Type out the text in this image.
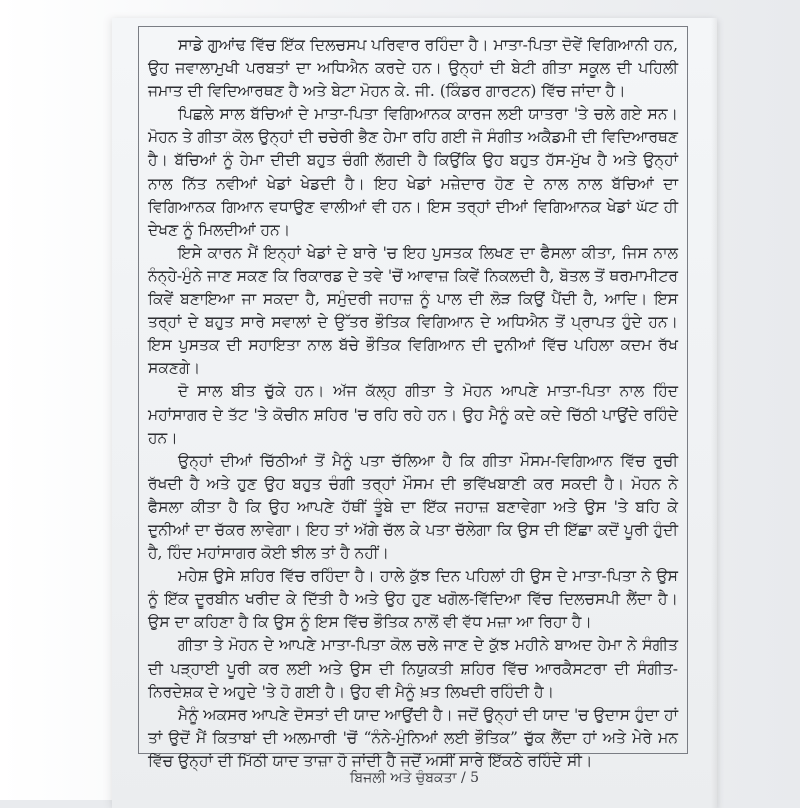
ਸਾਡੇ ਗੁਆਂਢ ਵਿੱਚ ਇੱਕ ਦਿਲਚਸਪ ਪਰਿਵਾਰ ਰਹਿੰਦਾ ਹੈ। ਮਾਤਾ-ਪਿਤਾ ਦੋਵੇਂ ਵਿਗਿਆਨੀ ਹਨ, ਉਹ ਜਵਾਲਾਮੁਖੀ ਪਰਬਤਾਂ ਦਾ ਅਧਿਐਨ ਕਰਦੇ ਹਨ। ਉਨ੍ਹਾਂ ਦੀ ਬੇਟੀ ਗੀਤਾ ਸਕੂਲ ਦੀ ਪਹਿਲੀ ਜਮਾਤ ਦੀ ਵਿਦਿਆਰਥਣ ਹੈ ਅਤੇ ਬੇਟਾ ਮੋਹਨ ਕੇ. ਜੀ. (ਕਿੰਡਰ ਗਾਰਟਨ) ਵਿੱਚ ਜਾਂਦਾ ਹੈ।

ਪਿਛਲੇ ਸਾਲ ਬੱਚਿਆਂ ਦੇ ਮਾਤਾ-ਪਿਤਾ ਵਿਗਿਆਨਕ ਕਾਰਜ ਲਈ ਯਾਤਰਾ 'ਤੇ ਚਲੇ ਗਏ ਸਨ। ਮੋਹਨ ਤੇ ਗੀਤਾ ਕੋਲ ਉਨ੍ਹਾਂ ਦੀ ਚਚੇਰੀ ਭੈਣ ਹੇਮਾ ਰਹਿ ਗਈ ਜੋ ਸੰਗੀਤ ਅਕੈਡਮੀ ਦੀ ਵਿਦਿਆਰਥਣ ਹੈ। ਬੱਚਿਆਂ ਨੂੰ ਹੇਮਾ ਦੀਦੀ ਬਹੁਤ ਚੰਗੀ ਲੱਗਦੀ ਹੈ ਕਿਉਂਕਿ ਉਹ ਬਹੁਤ ਹੱਸ-ਮੁੱਖ ਹੈ ਅਤੇ ਉਨ੍ਹਾਂ ਨਾਲ ਨਿੱਤ ਨਵੀਆਂ ਖੇਡਾਂ ਖੇਡਦੀ ਹੈ। ਇਹ ਖੇਡਾਂ ਮਜ਼ੇਦਾਰ ਹੋਣ ਦੇ ਨਾਲ ਨਾਲ ਬੱਚਿਆਂ ਦਾ ਵਿਗਿਆਨਕ ਗਿਆਨ ਵਧਾਉਣ ਵਾਲੀਆਂ ਵੀ ਹਨ। ਇਸ ਤਰ੍ਹਾਂ ਦੀਆਂ ਵਿਗਿਆਨਕ ਖੇਡਾਂ ਘੱਟ ਹੀ ਦੇਖਣ ਨੂੰ ਮਿਲਦੀਆਂ ਹਨ।

ਇਸੇ ਕਾਰਨ ਮੈਂ ਇਨ੍ਹਾਂ ਖੇਡਾਂ ਦੇ ਬਾਰੇ 'ਚ ਇਹ ਪੁਸਤਕ ਲਿਖਣ ਦਾ ਫੈਸਲਾ ਕੀਤਾ, ਜਿਸ ਨਾਲ ਨੰਨ੍ਹੇ-ਮੁੰਨੇ ਜਾਣ ਸਕਣ ਕਿ ਰਿਕਾਰਡ ਦੇ ਤਵੇ 'ਚੋਂ ਆਵਾਜ਼ ਕਿਵੇਂ ਨਿਕਲਦੀ ਹੈ, ਬੋਤਲ ਤੋਂ ਥਰਮਾਮੀਟਰ ਕਿਵੇਂ ਬਣਾਇਆ ਜਾ ਸਕਦਾ ਹੈ, ਸਮੁੰਦਰੀ ਜਹਾਜ਼ ਨੂੰ ਪਾਲ ਦੀ ਲੋੜ ਕਿਉਂ ਪੈਂਦੀ ਹੈ, ਆਦਿ। ਇਸ ਤਰ੍ਹਾਂ ਦੇ ਬਹੁਤ ਸਾਰੇ ਸਵਾਲਾਂ ਦੇ ਉੱਤਰ ਭੌਤਿਕ ਵਿਗਿਆਨ ਦੇ ਅਧਿਐਨ ਤੋਂ ਪ੍ਰਾਪਤ ਹੁੰਦੇ ਹਨ। ਇਸ ਪੁਸਤਕ ਦੀ ਸਹਾਇਤਾ ਨਾਲ ਬੱਚੇ ਭੌਤਿਕ ਵਿਗਿਆਨ ਦੀ ਦੁਨੀਆਂ ਵਿੱਚ ਪਹਿਲਾ ਕਦਮ ਰੱਖ ਸਕਣਗੇ।

ਦੋ ਸਾਲ ਬੀਤ ਚੁੱਕੇ ਹਨ। ਅੱਜ ਕੱਲ੍ਹ ਗੀਤਾ ਤੇ ਮੋਹਨ ਆਪਣੇ ਮਾਤਾ-ਪਿਤਾ ਨਾਲ ਹਿੰਦ ਮਹਾਂਸਾਗਰ ਦੇ ਤੱਟ 'ਤੇ ਕੋਚੀਨ ਸ਼ਹਿਰ 'ਚ ਰਹਿ ਰਹੇ ਹਨ। ਉਹ ਮੈਨੂੰ ਕਦੇ ਕਦੇ ਚਿੱਠੀ ਪਾਉਂਦੇ ਰਹਿੰਦੇ ਹਨ।

ਉਨ੍ਹਾਂ ਦੀਆਂ ਚਿੱਠੀਆਂ ਤੋਂ ਮੈਨੂੰ ਪਤਾ ਚੱਲਿਆ ਹੈ ਕਿ ਗੀਤਾ ਮੌਸਮ-ਵਿਗਿਆਨ ਵਿੱਚ ਰੁਚੀ ਰੱਖਦੀ ਹੈ ਅਤੇ ਹੁਣ ਉਹ ਬਹੁਤ ਚੰਗੀ ਤਰ੍ਹਾਂ ਮੌਸਮ ਦੀ ਭਵਿੱਖਬਾਣੀ ਕਰ ਸਕਦੀ ਹੈ। ਮੋਹਨ ਨੇ ਫੈਸਲਾ ਕੀਤਾ ਹੈ ਕਿ ਉਹ ਆਪਣੇ ਹੱਥੀਂ ਤੂੰਬੇ ਦਾ ਇੱਕ ਜਹਾਜ਼ ਬਣਾਵੇਗਾ ਅਤੇ ਉਸ 'ਤੇ ਬਹਿ ਕੇ ਦੁਨੀਆਂ ਦਾ ਚੱਕਰ ਲਾਵੇਗਾ। ਇਹ ਤਾਂ ਅੱਗੇ ਚੱਲ ਕੇ ਪਤਾ ਚੱਲੇਗਾ ਕਿ ਉਸ ਦੀ ਇੱਛਾ ਕਦੋਂ ਪੂਰੀ ਹੁੰਦੀ ਹੈ, ਹਿੰਦ ਮਹਾਂਸਾਗਰ ਕੋਈ ਝੀਲ ਤਾਂ ਹੈ ਨਹੀਂ।

ਮਹੇਸ਼ ਉਸੇ ਸ਼ਹਿਰ ਵਿੱਚ ਰਹਿੰਦਾ ਹੈ। ਹਾਲੇ ਕੁੱਝ ਦਿਨ ਪਹਿਲਾਂ ਹੀ ਉਸ ਦੇ ਮਾਤਾ-ਪਿਤਾ ਨੇ ਉਸ ਨੂੰ ਇੱਕ ਦੂਰਬੀਨ ਖਰੀਦ ਕੇ ਦਿੱਤੀ ਹੈ ਅਤੇ ਉਹ ਹੁਣ ਖਗੋਲ-ਵਿੱਦਿਆ ਵਿੱਚ ਦਿਲਚਸਪੀ ਲੈਂਦਾ ਹੈ। ਉਸ ਦਾ ਕਹਿਣਾ ਹੈ ਕਿ ਉਸ ਨੂੰ ਇਸ ਵਿੱਚ ਭੌਤਿਕ ਨਾਲੋਂ ਵੀ ਵੱਧ ਮਜ਼ਾ ਆ ਰਿਹਾ ਹੈ।

ਗੀਤਾ ਤੇ ਮੋਹਨ ਦੇ ਆਪਣੇ ਮਾਤਾ-ਪਿਤਾ ਕੋਲ ਚਲੇ ਜਾਣ ਦੇ ਕੁੱਝ ਮਹੀਨੇ ਬਾਅਦ ਹੇਮਾ ਨੇ ਸੰਗੀਤ ਦੀ ਪੜ੍ਹਾਈ ਪੂਰੀ ਕਰ ਲਈ ਅਤੇ ਉਸ ਦੀ ਨਿਯੁਕਤੀ ਸ਼ਹਿਰ ਵਿੱਚ ਆਰਕੈਸਟਰਾ ਦੀ ਸੰਗੀਤ-ਨਿਰਦੇਸ਼ਕ ਦੇ ਅਹੁਦੇ 'ਤੇ ਹੋ ਗਈ ਹੈ। ਉਹ ਵੀ ਮੈਨੂੰ ਖ਼ਤ ਲਿਖਦੀ ਰਹਿੰਦੀ ਹੈ।

ਮੈਨੂੰ ਅਕਸਰ ਆਪਣੇ ਦੋਸਤਾਂ ਦੀ ਯਾਦ ਆਉਂਦੀ ਹੈ। ਜਦੋਂ ਉਨ੍ਹਾਂ ਦੀ ਯਾਦ 'ਚ ਉਦਾਸ ਹੁੰਦਾ ਹਾਂ ਤਾਂ ਉਦੋਂ ਮੈਂ ਕਿਤਾਬਾਂ ਦੀ ਅਲਮਾਰੀ 'ਚੋਂ “ਨੰਨੇ-ਮੁੰਨਿਆਂ ਲਈ ਭੌਤਿਕ” ਚੁੱਕ ਲੈਂਦਾ ਹਾਂ ਅਤੇ ਮੇਰੇ ਮਨ ਵਿੱਚ ਉਨ੍ਹਾਂ ਦੀ ਮਿੱਠੀ ਯਾਦ ਤਾਜ਼ਾ ਹੋ ਜਾਂਦੀ ਹੈ ਜਦੋਂ ਅਸੀਂ ਸਾਰੇ ਇੱਕਠੇ ਰਹਿੰਦੇ ਸੀ।

ਬਿਜਲੀ ਅਤੇ ਚੁੰਬਕਤਾ / 5
